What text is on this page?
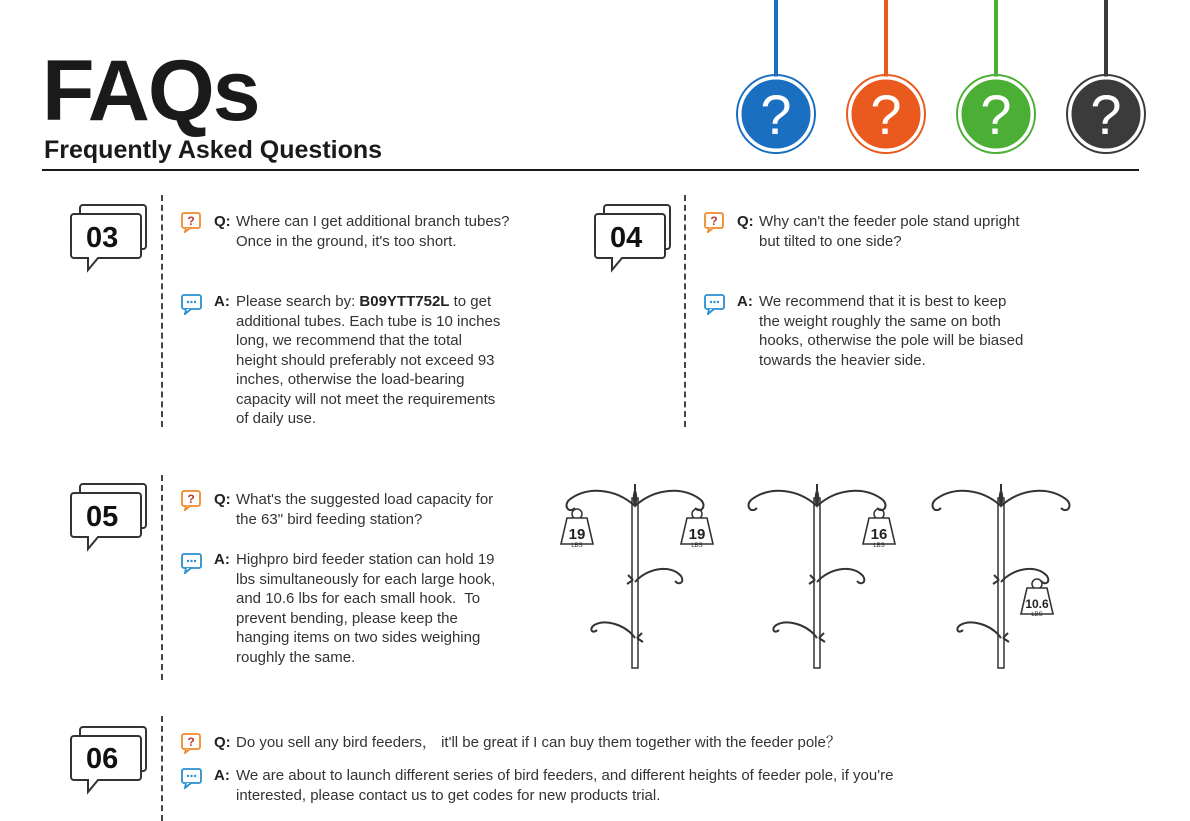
FAQs
Frequently Asked Questions
? ? ? ?
03
? Q: Where can I get additional branch tubes?
Once in the ground, it's too short.
A: Please search by: B09YTT752L to get
additional tubes. Each tube is 10 inches
long, we recommend that the total
height should preferably not exceed 93
inches, otherwise the load-bearing
capacity will not meet the requirements
of daily use.
04
? Q: Why can't the feeder pole stand upright
but tilted to one side?
A: We recommend that it is best to keep
the weight roughly the same on both
hooks, otherwise the pole will be biased
towards the heavier side.
05
? Q: What's the suggested load capacity for
the 63" bird feeding station?
A: Highpro bird feeder station can hold 19
lbs simultaneously for each large hook,
and 10.6 lbs for each small hook.  To
prevent bending, please keep the
hanging items on two sides weighing
roughly the same.
19
LBS
19
LBS
16
LBS
10.6
LBS
06
? Q: Do you sell any bird feeders， it'll be great if I can buy them together with the feeder pole？
A: We are about to launch different series of bird feeders, and different heights of feeder pole, if you're
interested, please contact us to get codes for new products trial.
